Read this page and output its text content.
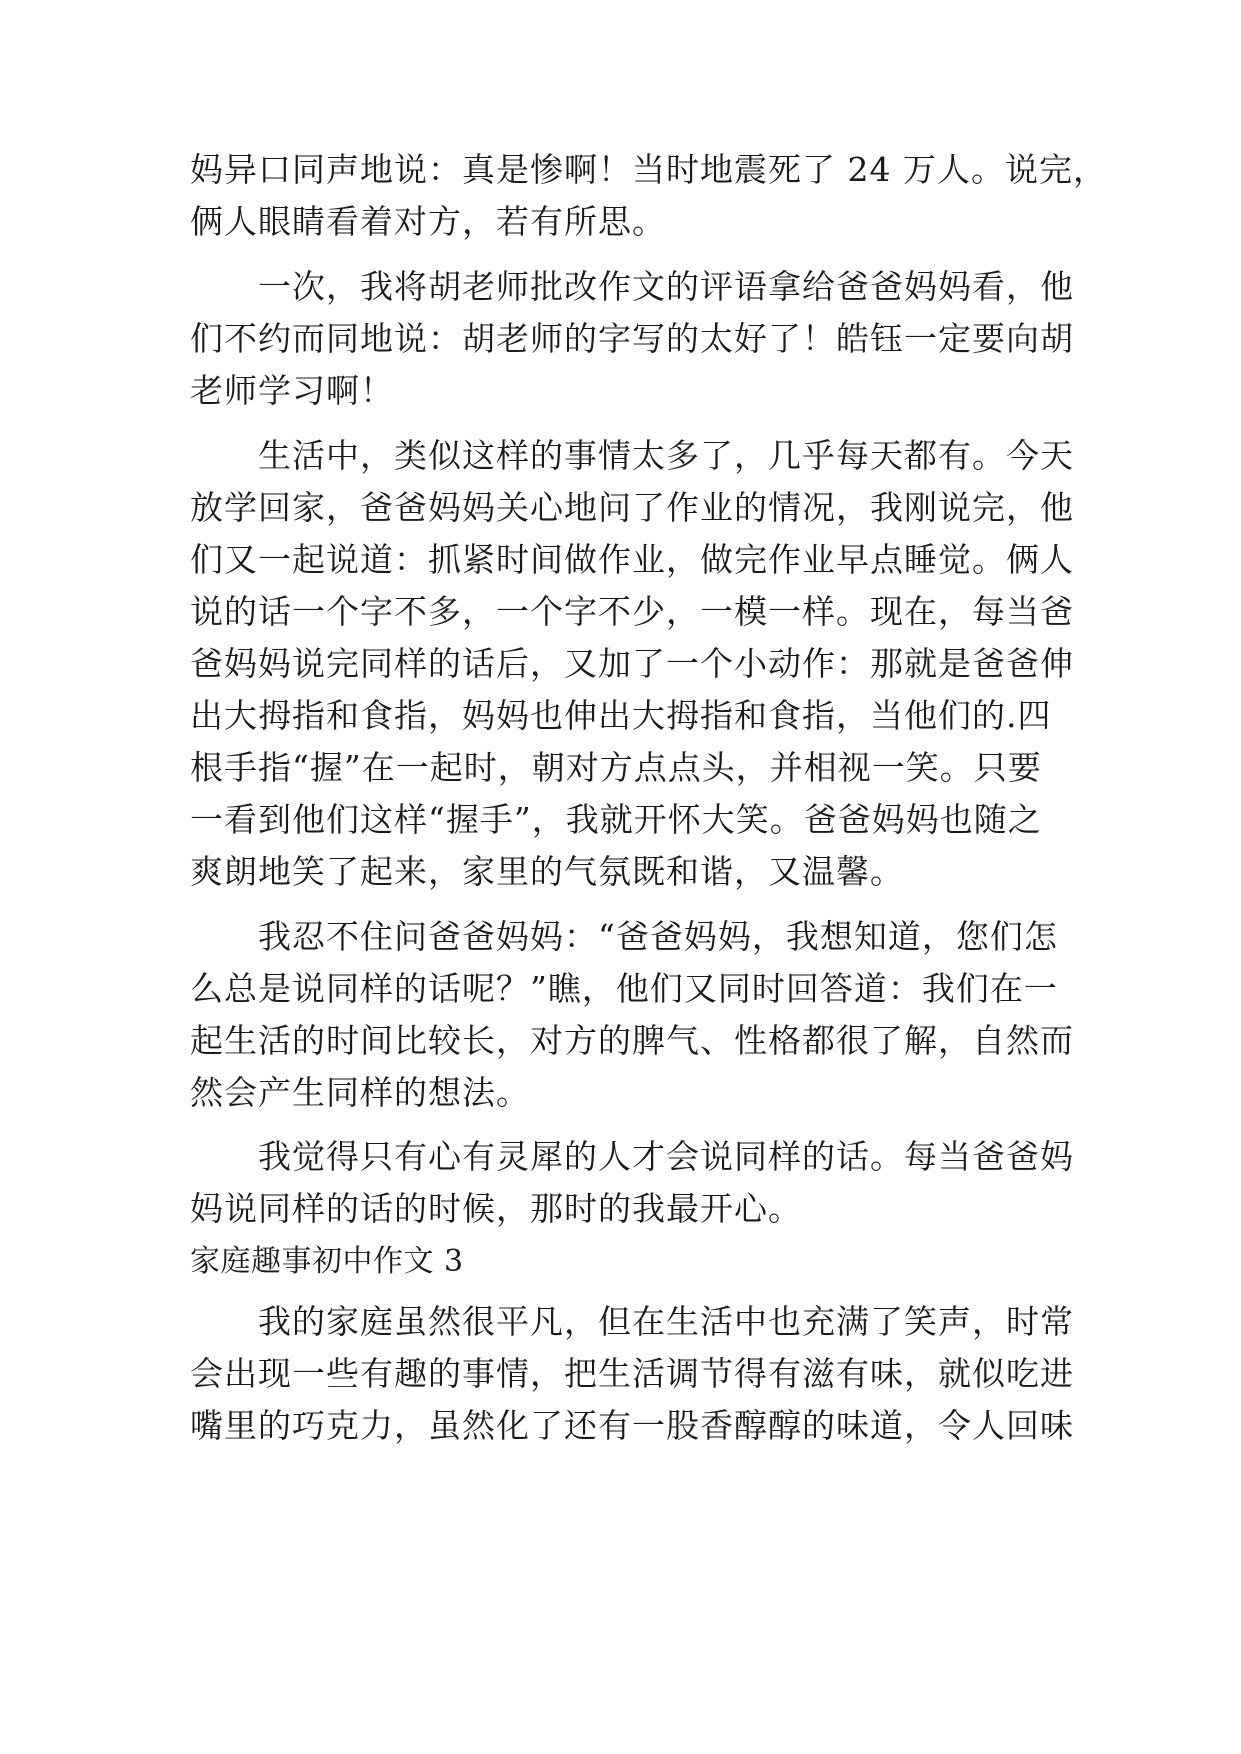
妈异口同声地说：真是惨啊！当时地震死了 24 万人。说完，
俩人眼睛看着对方，若有所思。
　　一次，我将胡老师批改作文的评语拿给爸爸妈妈看，他
们不约而同地说：胡老师的字写的太好了！皓钰一定要向胡
老师学习啊！
　　生活中，类似这样的事情太多了，几乎每天都有。今天
放学回家，爸爸妈妈关心地问了作业的情况，我刚说完，他
们又一起说道：抓紧时间做作业，做完作业早点睡觉。俩人
说的话一个字不多，一个字不少，一模一样。现在，每当爸
爸妈妈说完同样的话后，又加了一个小动作：那就是爸爸伸
出大拇指和食指，妈妈也伸出大拇指和食指，当他们的.四
根手指“握”在一起时，朝对方点点头，并相视一笑。只要
一看到他们这样“握手”，我就开怀大笑。爸爸妈妈也随之
爽朗地笑了起来，家里的气氛既和谐，又温馨。
　　我忍不住问爸爸妈妈：“爸爸妈妈，我想知道，您们怎
么总是说同样的话呢？”瞧，他们又同时回答道：我们在一
起生活的时间比较长，对方的脾气、性格都很了解，自然而
然会产生同样的想法。
　　我觉得只有心有灵犀的人才会说同样的话。每当爸爸妈
妈说同样的话的时候，那时的我最开心。
家庭趣事初中作文 3
　　我的家庭虽然很平凡，但在生活中也充满了笑声，时常
会出现一些有趣的事情，把生活调节得有滋有味，就似吃进
嘴里的巧克力，虽然化了还有一股香醇醇的味道，令人回味
